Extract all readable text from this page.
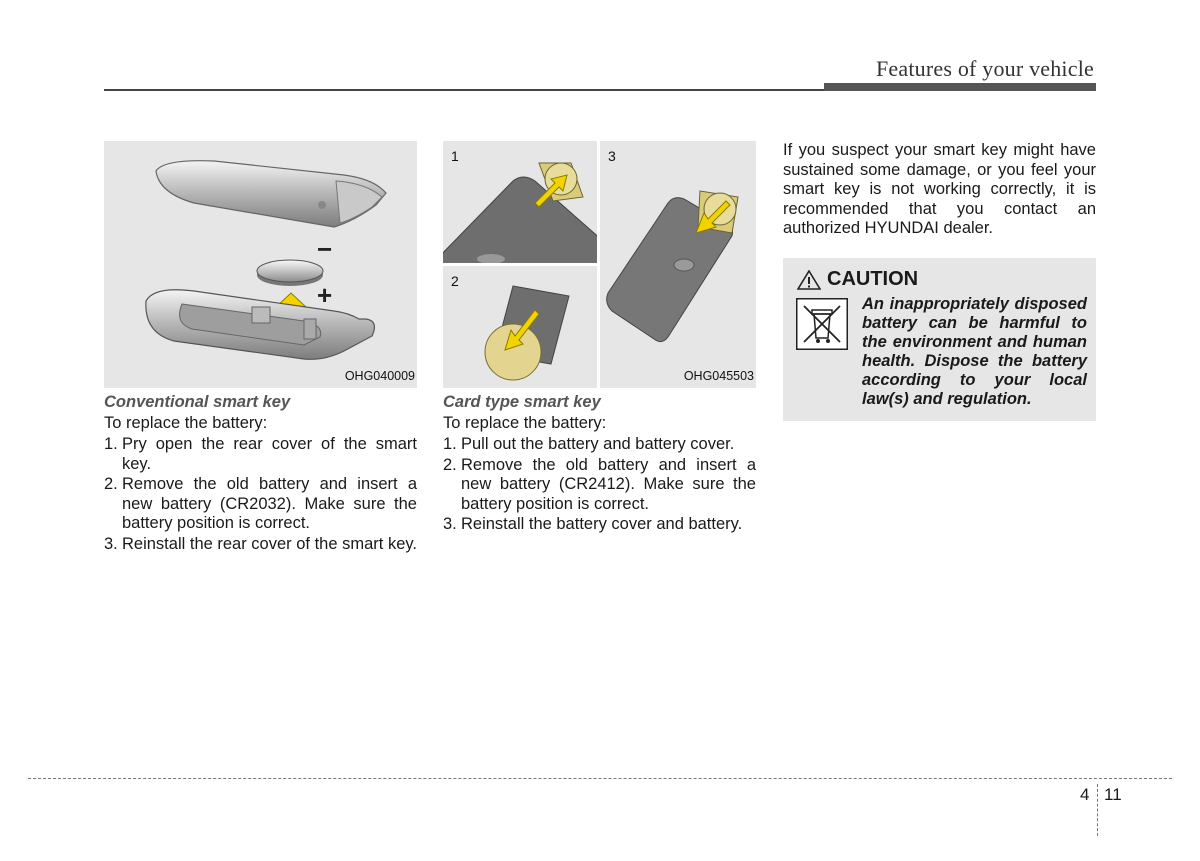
Features of your vehicle
−
+
OHG040009
Conventional smart key
To replace the battery:
1. Pry open the rear cover of the smart key.
2. Remove the old battery and insert a new battery (CR2032). Make sure the battery position is correct.
3. Reinstall the rear cover of the smart key.
1
2
3
OHG045503
Card type smart key
To replace the battery:
1. Pull out the battery and battery cover.
2. Remove the old battery and insert a new battery (CR2412). Make sure the battery position is correct.
3. Reinstall the battery cover and battery.

If you suspect your smart key might have sustained some damage, or you feel your smart key is not working correctly, it is recommended that you contact an authorized HYUNDAI dealer.

CAUTION
An inappropriately disposed battery can be harmful to the environment and human health. Dispose the battery according to your local law(s) and regulation.
4 11
